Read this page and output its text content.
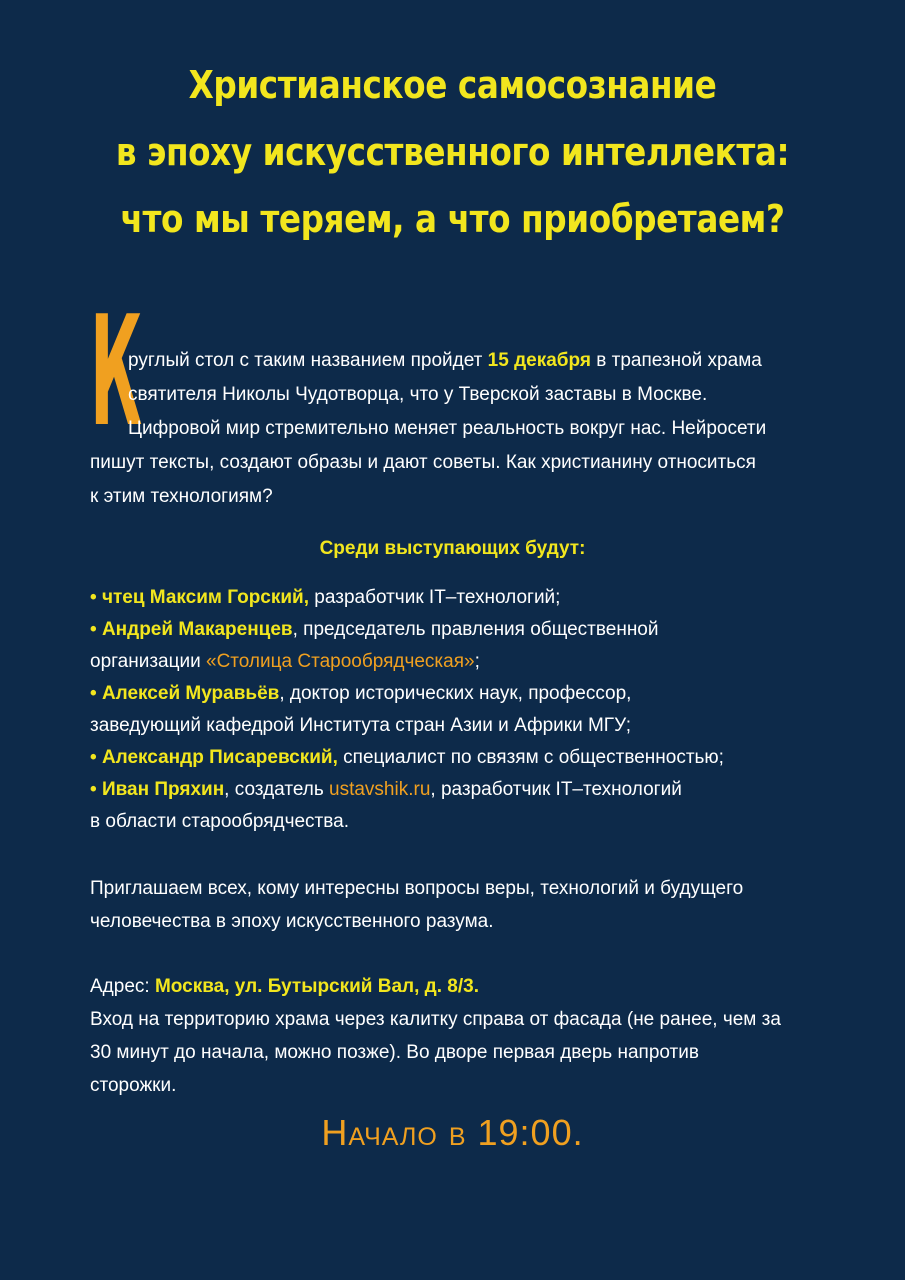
Христианское самосознание
в эпоху искусственного интеллекта:
что мы теряем, а что приобретаем?
К
руглый стол с таким названием пройдет 15 декабря в трапезной храма
святителя Николы Чудотворца, что у Тверской заставы в Москве.
Цифровой мир стремительно меняет реальность вокруг нас. Нейросети
пишут тексты, создают образы и дают советы. Как христианину относиться
к этим технологиям?
Среди выступающих будут:
• чтец Максим Горский, разработчик IT–технологий;
• Андрей Макаренцев, председатель правления общественной
организации «Столица Старообрядческая»;
• Алексей Муравьёв, доктор исторических наук, профессор,
заведующий кафедрой Института стран Азии и Африки МГУ;
• Александр Писаревский, специалист по связям с общественностью;
• Иван Пряхин, создатель ustavshik.ru, разработчик IT–технологий
в области старообрядчества.
Приглашаем всех, кому интересны вопросы веры, технологий и будущего
человечества в эпоху искусственного разума.
Адрес: Москва, ул. Бутырский Вал, д. 8/3.
Вход на территорию храма через калитку справа от фасада (не ранее, чем за
30 минут до начала, можно позже). Во дворе первая дверь напротив
сторожки.
Начало в 19:00.
